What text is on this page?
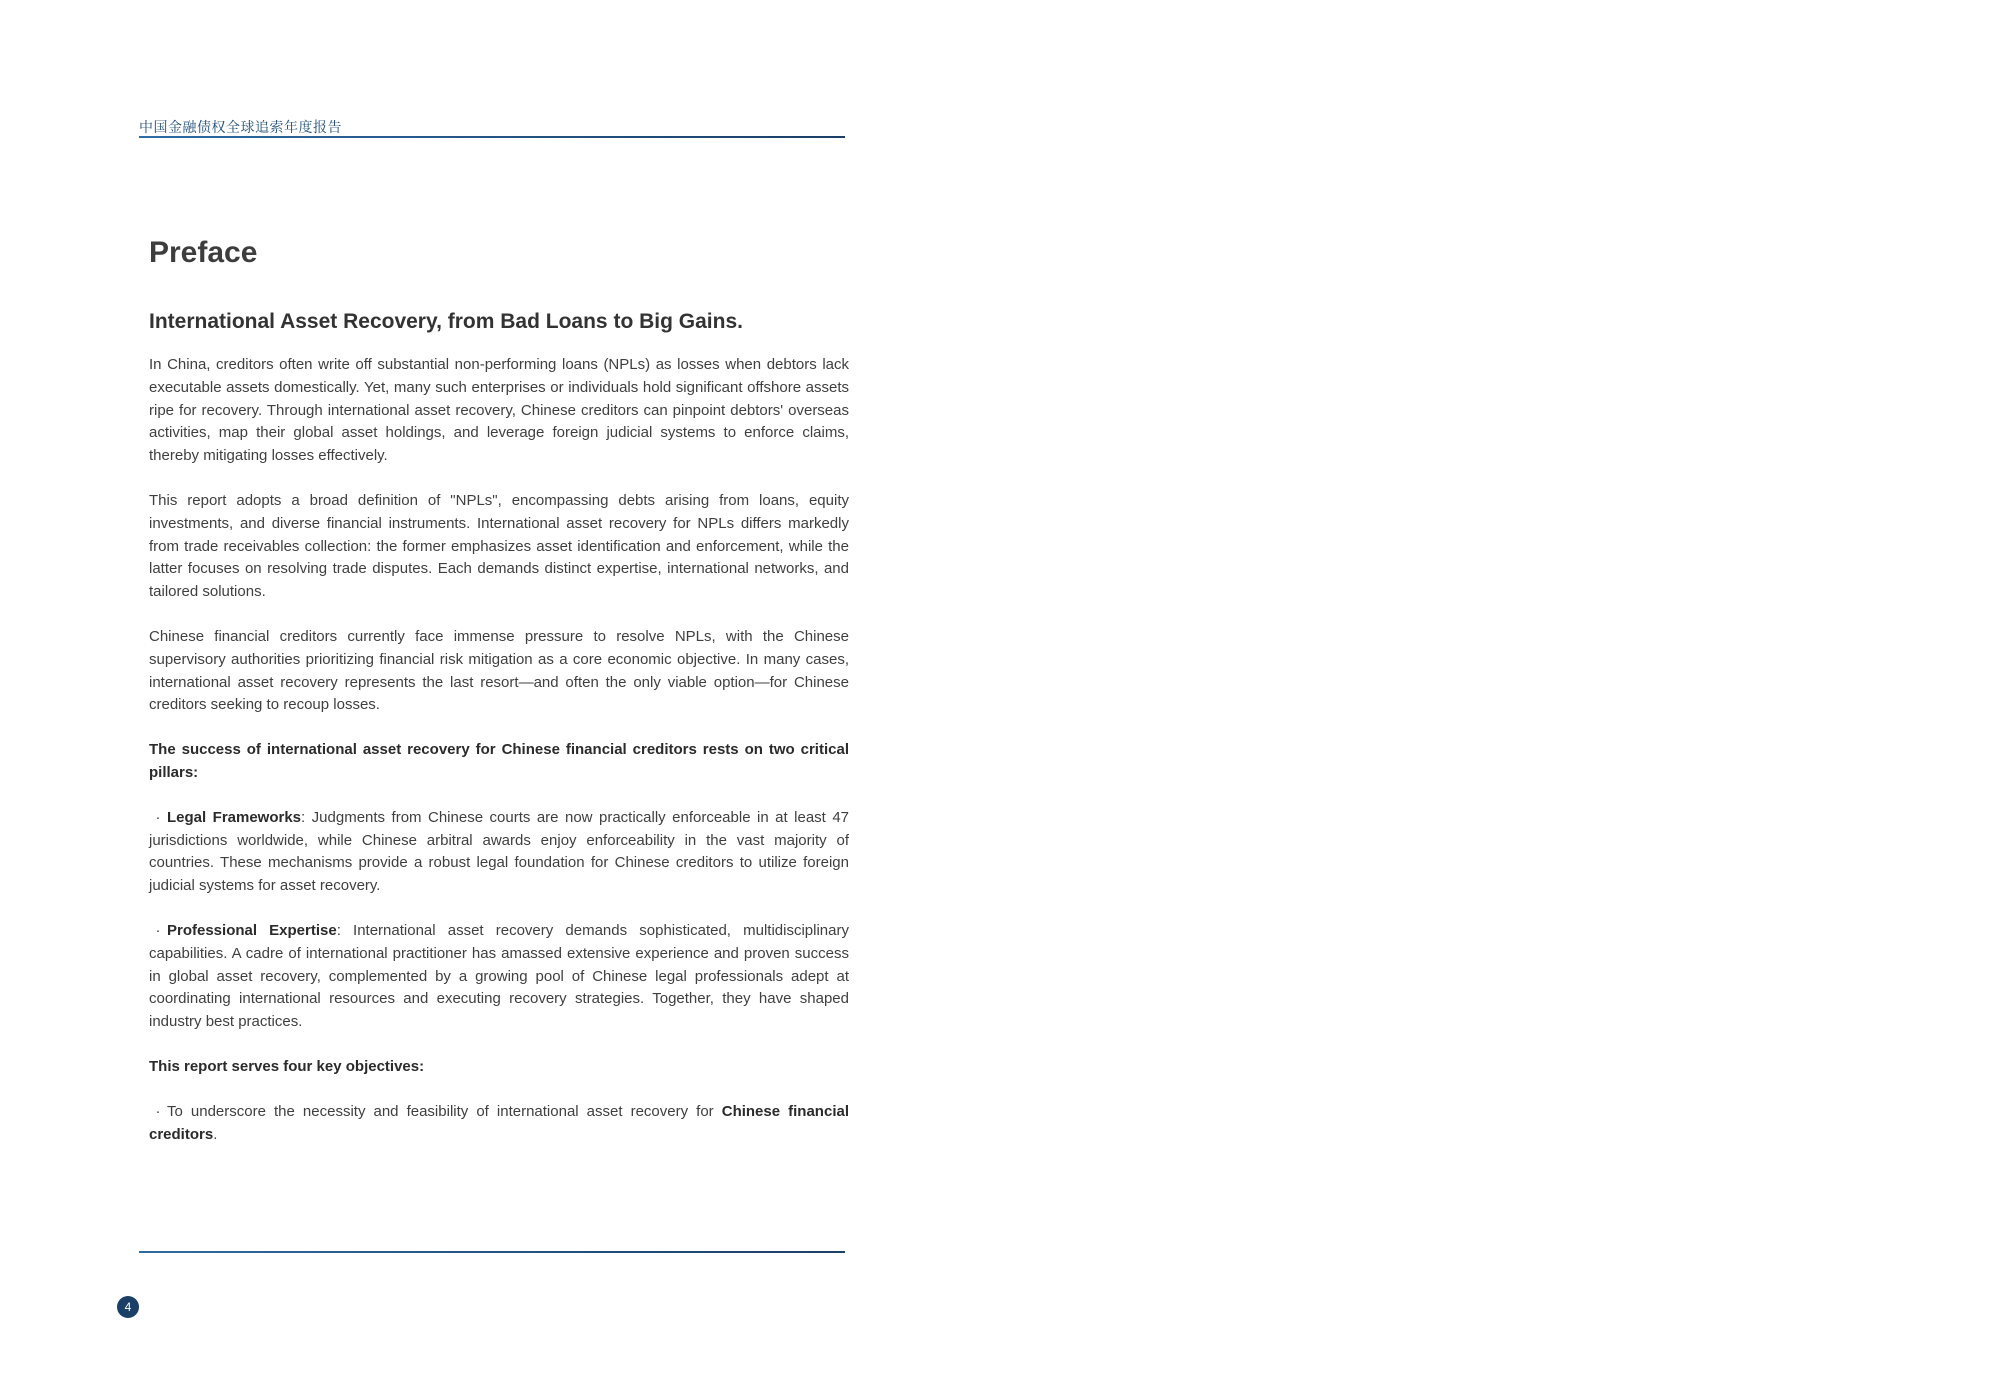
中国金融债权全球追索年度报告
Preface
International Asset Recovery, from Bad Loans to Big Gains.

In China, creditors often write off substantial non-performing loans (NPLs) as losses when debtors lack executable assets domestically. Yet, many such enterprises or individuals hold significant offshore assets ripe for recovery. Through international asset recovery, Chinese creditors can pinpoint debtors' overseas activities, map their global asset holdings, and leverage foreign judicial systems to enforce claims, thereby mitigating losses effectively.

This report adopts a broad definition of "NPLs", encompassing debts arising from loans, equity investments, and diverse financial instruments. International asset recovery for NPLs differs markedly from trade receivables collection: the former emphasizes asset identification and enforcement, while the latter focuses on resolving trade disputes. Each demands distinct expertise, international networks, and tailored solutions.

Chinese financial creditors currently face immense pressure to resolve NPLs, with the Chinese supervisory authorities prioritizing financial risk mitigation as a core economic objective. In many cases, international asset recovery represents the last resort—and often the only viable option—for Chinese creditors seeking to recoup losses.

The success of international asset recovery for Chinese financial creditors rests on two critical pillars:

· Legal Frameworks: Judgments from Chinese courts are now practically enforceable in at least 47 jurisdictions worldwide, while Chinese arbitral awards enjoy enforceability in the vast majority of countries. These mechanisms provide a robust legal foundation for Chinese creditors to utilize foreign judicial systems for asset recovery.

· Professional Expertise: International asset recovery demands sophisticated, multidisciplinary capabilities. A cadre of international practitioner has amassed extensive experience and proven success in global asset recovery, complemented by a growing pool of Chinese legal professionals adept at coordinating international resources and executing recovery strategies. Together, they have shaped industry best practices.

This report serves four key objectives:

· To underscore the necessity and feasibility of international asset recovery for Chinese financial creditors.

4
